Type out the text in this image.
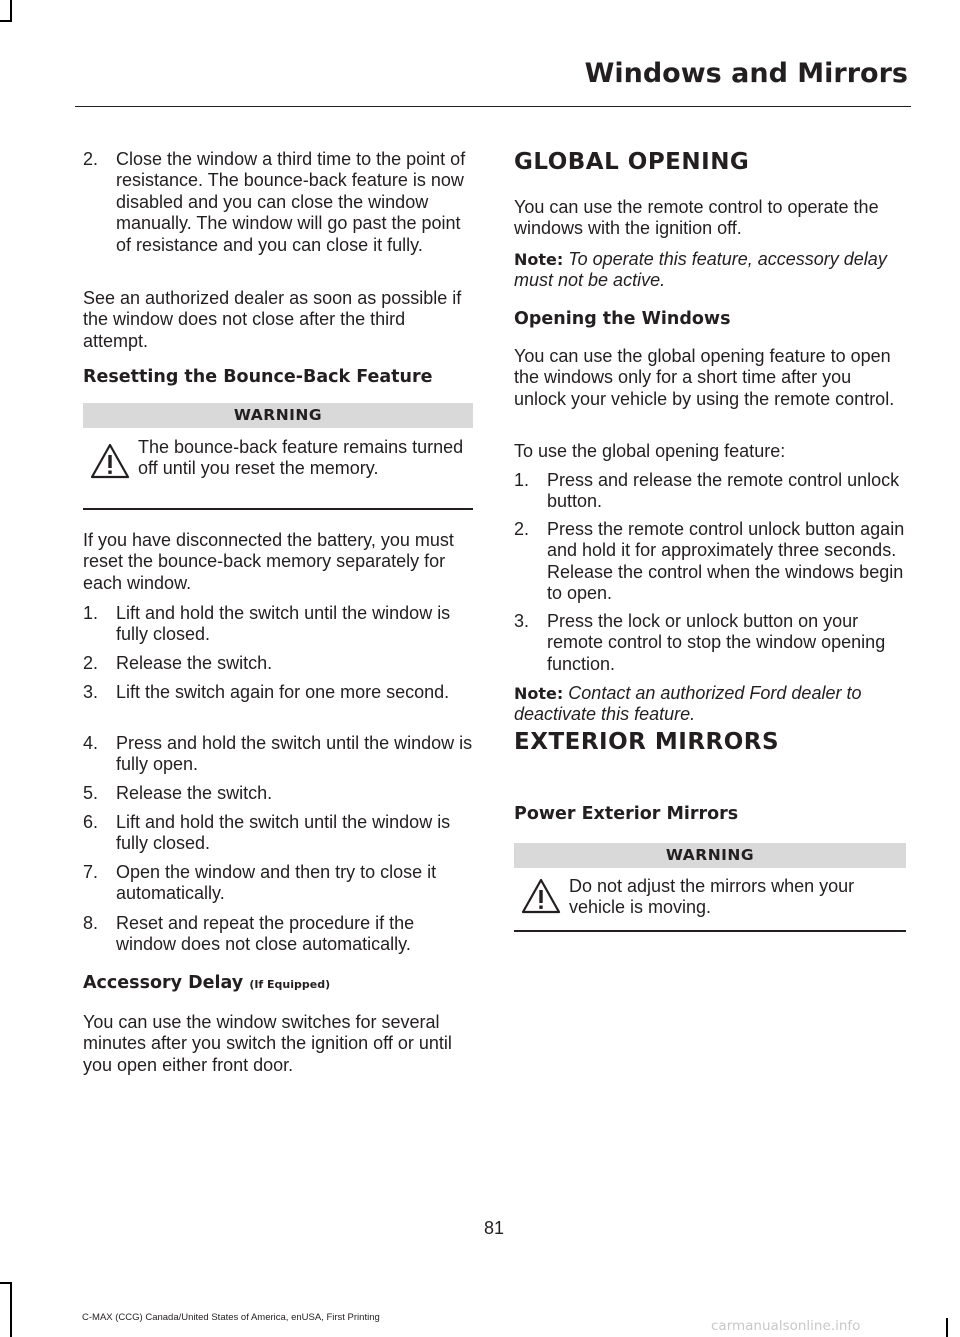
Windows and Mirrors
2. Close the window a third time to the point of resistance. The bounce-back feature is now disabled and you can close the window manually. The window will go past the point of resistance and you can close it fully.

See an authorized dealer as soon as possible if the window does not close after the third attempt.

Resetting the Bounce-Back Feature
WARNING
The bounce-back feature remains turned off until you reset the memory.

If you have disconnected the battery, you must reset the bounce-back memory separately for each window.

1. Lift and hold the switch until the window is fully closed.
2. Release the switch.
3. Lift the switch again for one more second.
4. Press and hold the switch until the window is fully open.
5. Release the switch.
6. Lift and hold the switch until the window is fully closed.
7. Open the window and then try to close it automatically.
8. Reset and repeat the procedure if the window does not close automatically.
Accessory Delay (If Equipped)

You can use the window switches for several minutes after you switch the ignition off or until you open either front door.

GLOBAL OPENING

You can use the remote control to operate the windows with the ignition off.

Note: To operate this feature, accessory delay must not be active.

Opening the Windows

You can use the global opening feature to open the windows only for a short time after you unlock your vehicle by using the remote control.

To use the global opening feature:

1. Press and release the remote control unlock button.
2. Press the remote control unlock button again and hold it for approximately three seconds. Release the control when the windows begin to open.
3. Press the lock or unlock button on your remote control to stop the window opening function.

Note: Contact an authorized Ford dealer to deactivate this feature.

EXTERIOR MIRRORS
Power Exterior Mirrors
WARNING
Do not adjust the mirrors when your vehicle is moving.
81
C-MAX (CCG) Canada/United States of America, enUSA, First Printing
carmanualsonline.info
